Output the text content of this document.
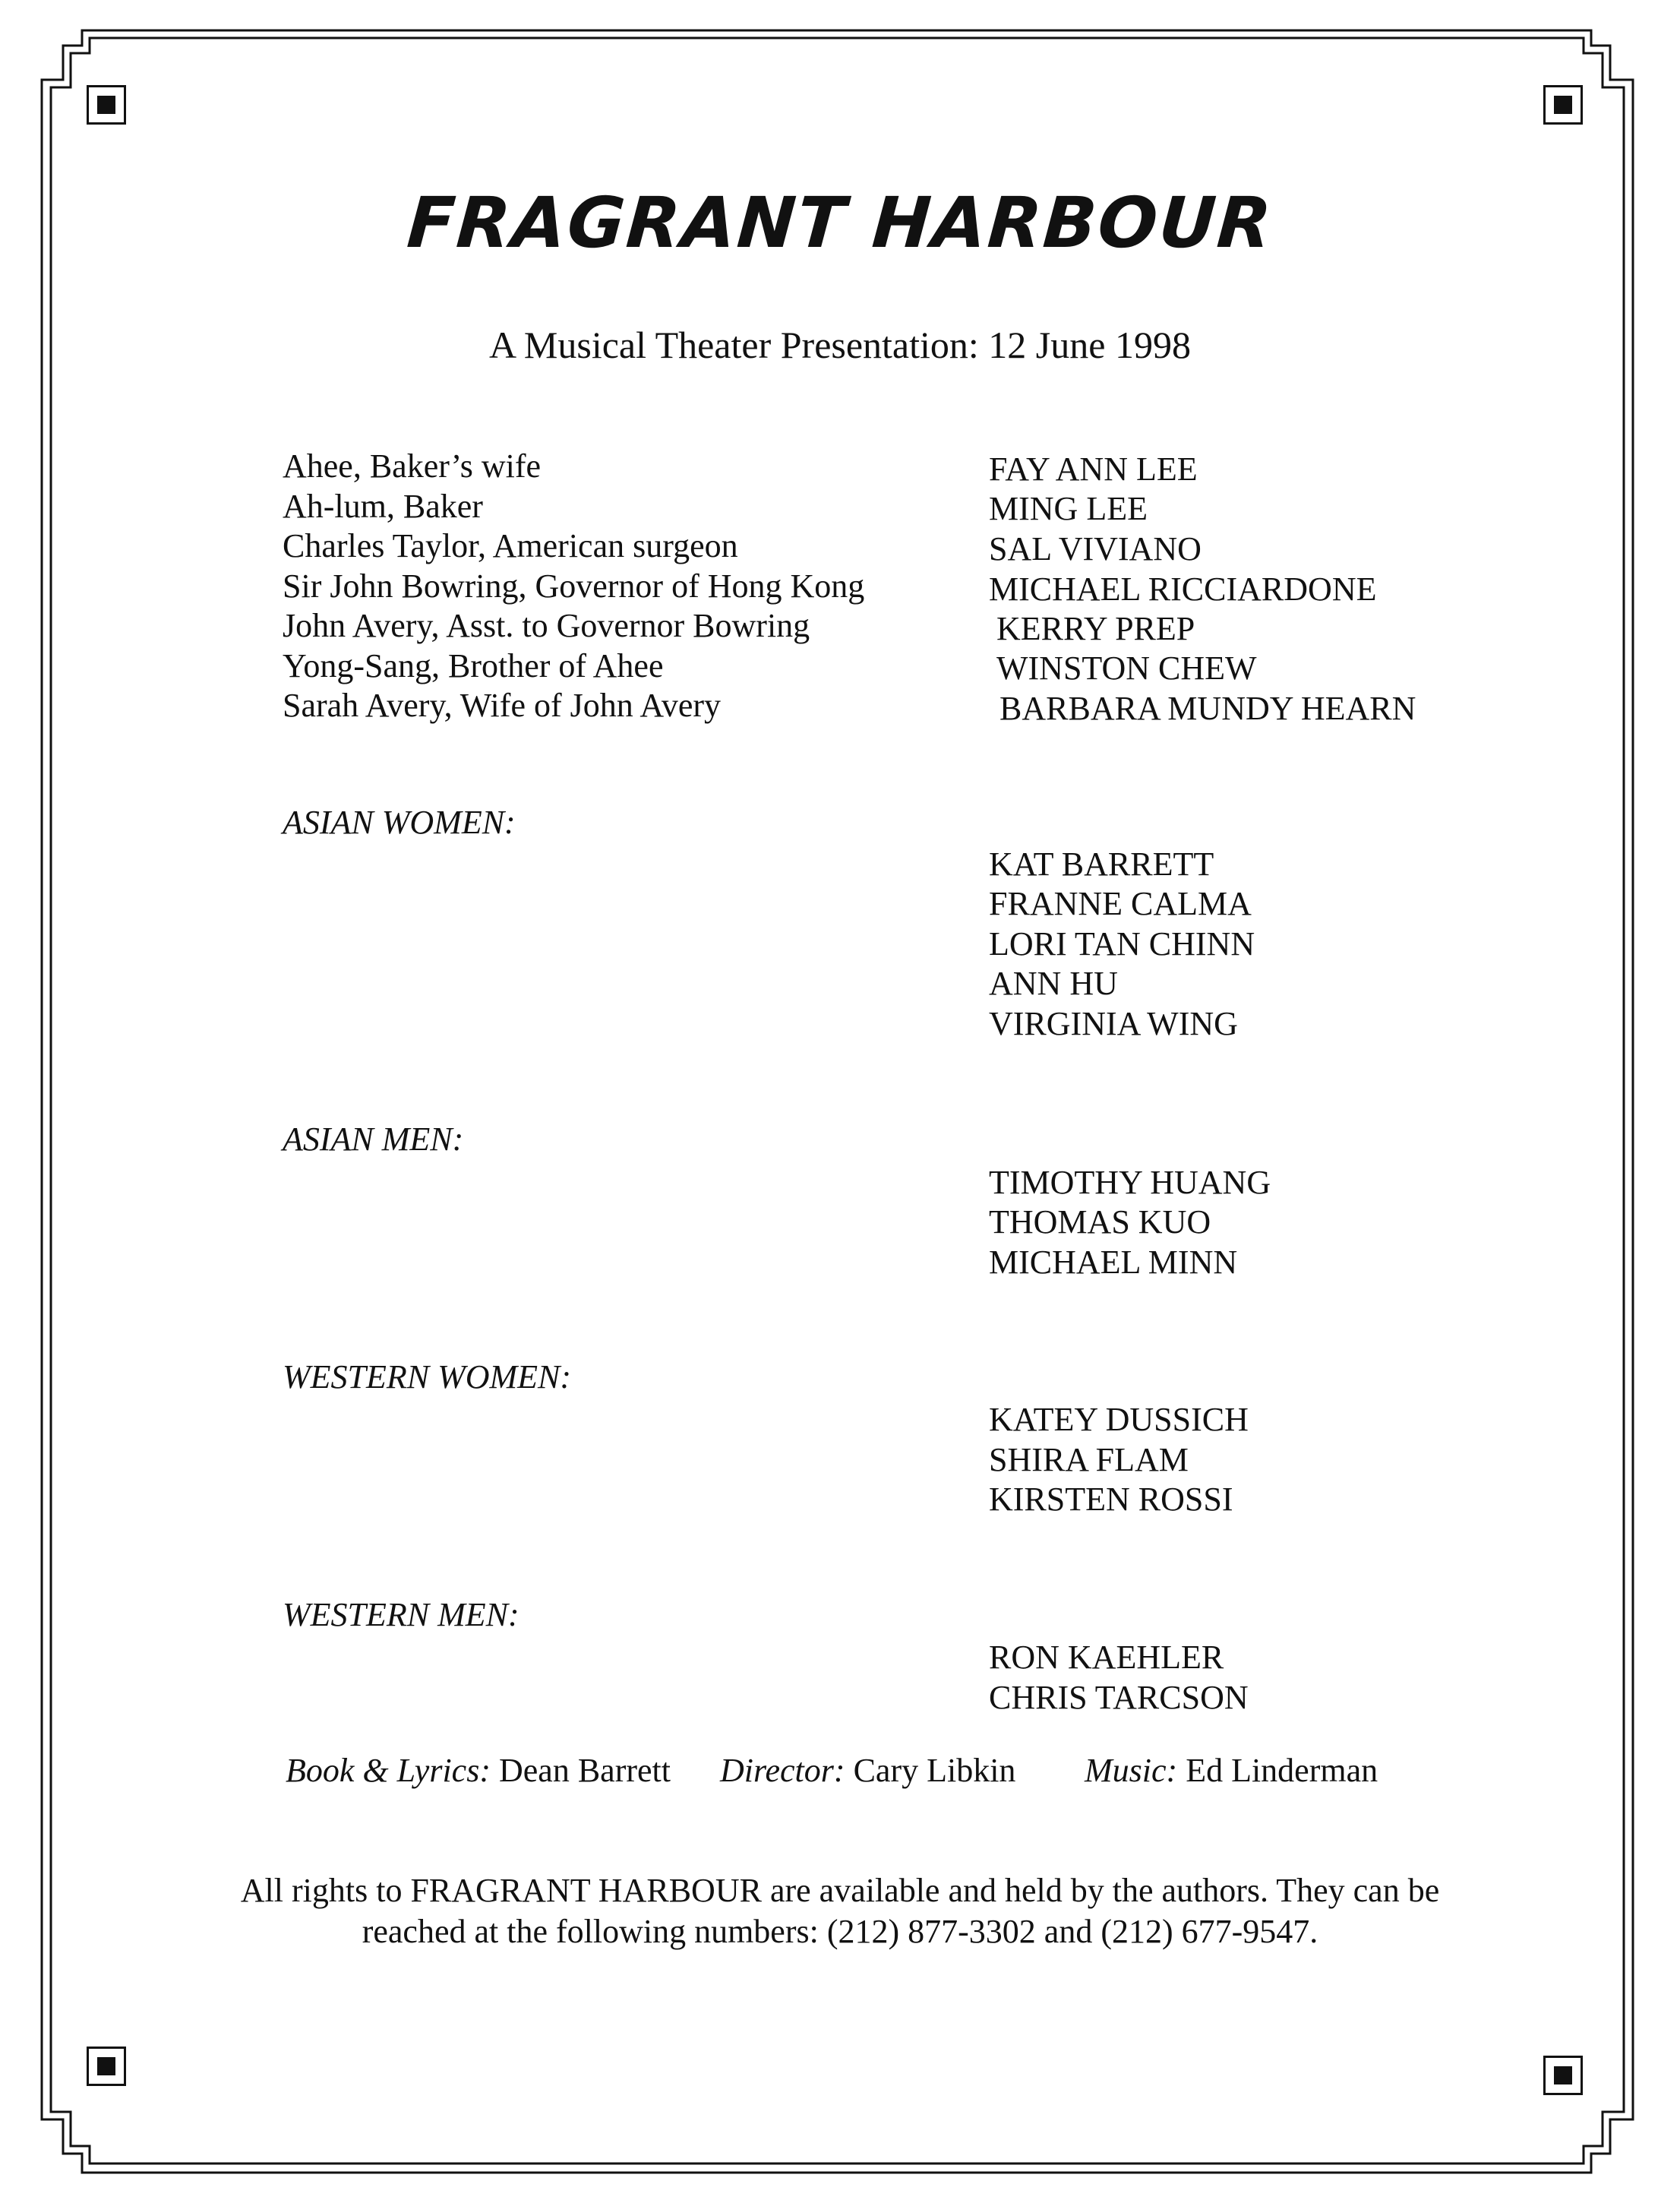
FRAGRANT HARBOUR
A Musical Theater Presentation: 12 June 1998
Ahee, Baker’s wife	FAY ANN LEE
Ah-lum, Baker	MING LEE
Charles Taylor, American surgeon	SAL VIVIANO
Sir John Bowring, Governor of Hong Kong	MICHAEL RICCIARDONE
John Avery, Asst. to Governor Bowring	KERRY PREP
Yong-Sang, Brother of Ahee	WINSTON CHEW
Sarah Avery, Wife of John Avery	BARBARA MUNDY HEARN
ASIAN WOMEN:
KAT BARRETT
FRANNE CALMA
LORI TAN CHINN
ANN HU
VIRGINIA WING
ASIAN MEN:
TIMOTHY HUANG
THOMAS KUO
MICHAEL MINN
WESTERN WOMEN:
KATEY DUSSICH
SHIRA FLAM
KIRSTEN ROSSI
WESTERN MEN:
RON KAEHLER
CHRIS TARCSON
Book & Lyrics: Dean Barrett Director: Cary Libkin Music: Ed Linderman
All rights to FRAGRANT HARBOUR are available and held by the authors. They can be
reached at the following numbers: (212) 877-3302 and (212) 677-9547.
